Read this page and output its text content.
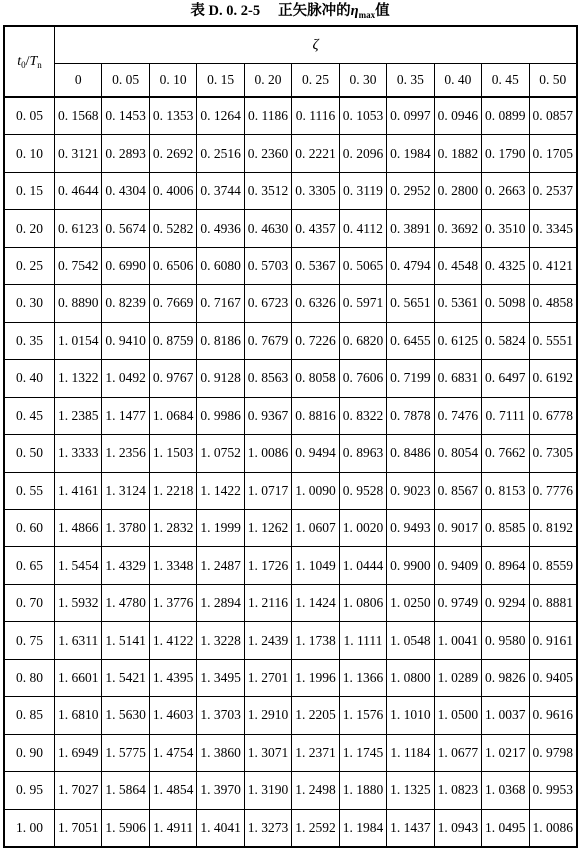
表 D. 0. 2-5 正矢脉冲的$\eta_{max}$值
$t_0/T_n$
ζ
0	0. 05	0. 10	0. 15	0. 20	0. 25	0. 30	0. 35	0. 40	0. 45	0. 50
0. 05	0. 1568 0. 1453 0. 1353 0. 1264 0. 1186 0. 1116 0. 1053 0. 0997 0. 0946 0. 0899 0. 0857
0. 10	0. 3121 0. 2893 0. 2692 0. 2516 0. 2360 0. 2221 0. 2096 0. 1984 0. 1882 0. 1790 0. 1705
0. 15	0. 4644 0. 4304 0. 4006 0. 3744 0. 3512 0. 3305 0. 3119 0. 2952 0. 2800 0. 2663 0. 2537
0. 20	0. 6123 0. 5674 0. 5282 0. 4936 0. 4630 0. 4357 0. 4112 0. 3891 0. 3692 0. 3510 0. 3345
0. 25	0. 7542 0. 6990 0. 6506 0. 6080 0. 5703 0. 5367 0. 5065 0. 4794 0. 4548 0. 4325 0. 4121
0. 30	0. 8890 0. 8239 0. 7669 0. 7167 0. 6723 0. 6326 0. 5971 0. 5651 0. 5361 0. 5098 0. 4858
0. 35	1. 0154 0. 9410 0. 8759 0. 8186 0. 7679 0. 7226 0. 6820 0. 6455 0. 6125 0. 5824 0. 5551
0. 40	1. 1322 1. 0492 0. 9767 0. 9128 0. 8563 0. 8058 0. 7606 0. 7199 0. 6831 0. 6497 0. 6192
0. 45	1. 2385 1. 1477 1. 0684 0. 9986 0. 9367 0. 8816 0. 8322 0. 7878 0. 7476 0. 7111 0. 6778
0. 50	1. 3333 1. 2356 1. 1503 1. 0752 1. 0086 0. 9494 0. 8963 0. 8486 0. 8054 0. 7662 0. 7305
0. 55	1. 4161 1. 3124 1. 2218 1. 1422 1. 0717 1. 0090 0. 9528 0. 9023 0. 8567 0. 8153 0. 7776
0. 60	1. 4866 1. 3780 1. 2832 1. 1999 1. 1262 1. 0607 1. 0020 0. 9493 0. 9017 0. 8585 0. 8192
0. 65	1. 5454 1. 4329 1. 3348 1. 2487 1. 1726 1. 1049 1. 0444 0. 9900 0. 9409 0. 8964 0. 8559
0. 70	1. 5932 1. 4780 1. 3776 1. 2894 1. 2116 1. 1424 1. 0806 1. 0250 0. 9749 0. 9294 0. 8881
0. 75	1. 6311 1. 5141 1. 4122 1. 3228 1. 2439 1. 1738 1. 1111 1. 0548 1. 0041 0. 9580 0. 9161
0. 80	1. 6601 1. 5421 1. 4395 1. 3495 1. 2701 1. 1996 1. 1366 1. 0800 1. 0289 0. 9826 0. 9405
0. 85	1. 6810 1. 5630 1. 4603 1. 3703 1. 2910 1. 2205 1. 1576 1. 1010 1. 0500 1. 0037 0. 9616
0. 90	1. 6949 1. 5775 1. 4754 1. 3860 1. 3071 1. 2371 1. 1745 1. 1184 1. 0677 1. 0217 0. 9798
0. 95	1. 7027 1. 5864 1. 4854 1. 3970 1. 3190 1. 2498 1. 1880 1. 1325 1. 0823 1. 0368 0. 9953
1. 00	1. 7051 1. 5906 1. 4911 1. 4041 1. 3273 1. 2592 1. 1984 1. 1437 1. 0943 1. 0495 1. 0086
